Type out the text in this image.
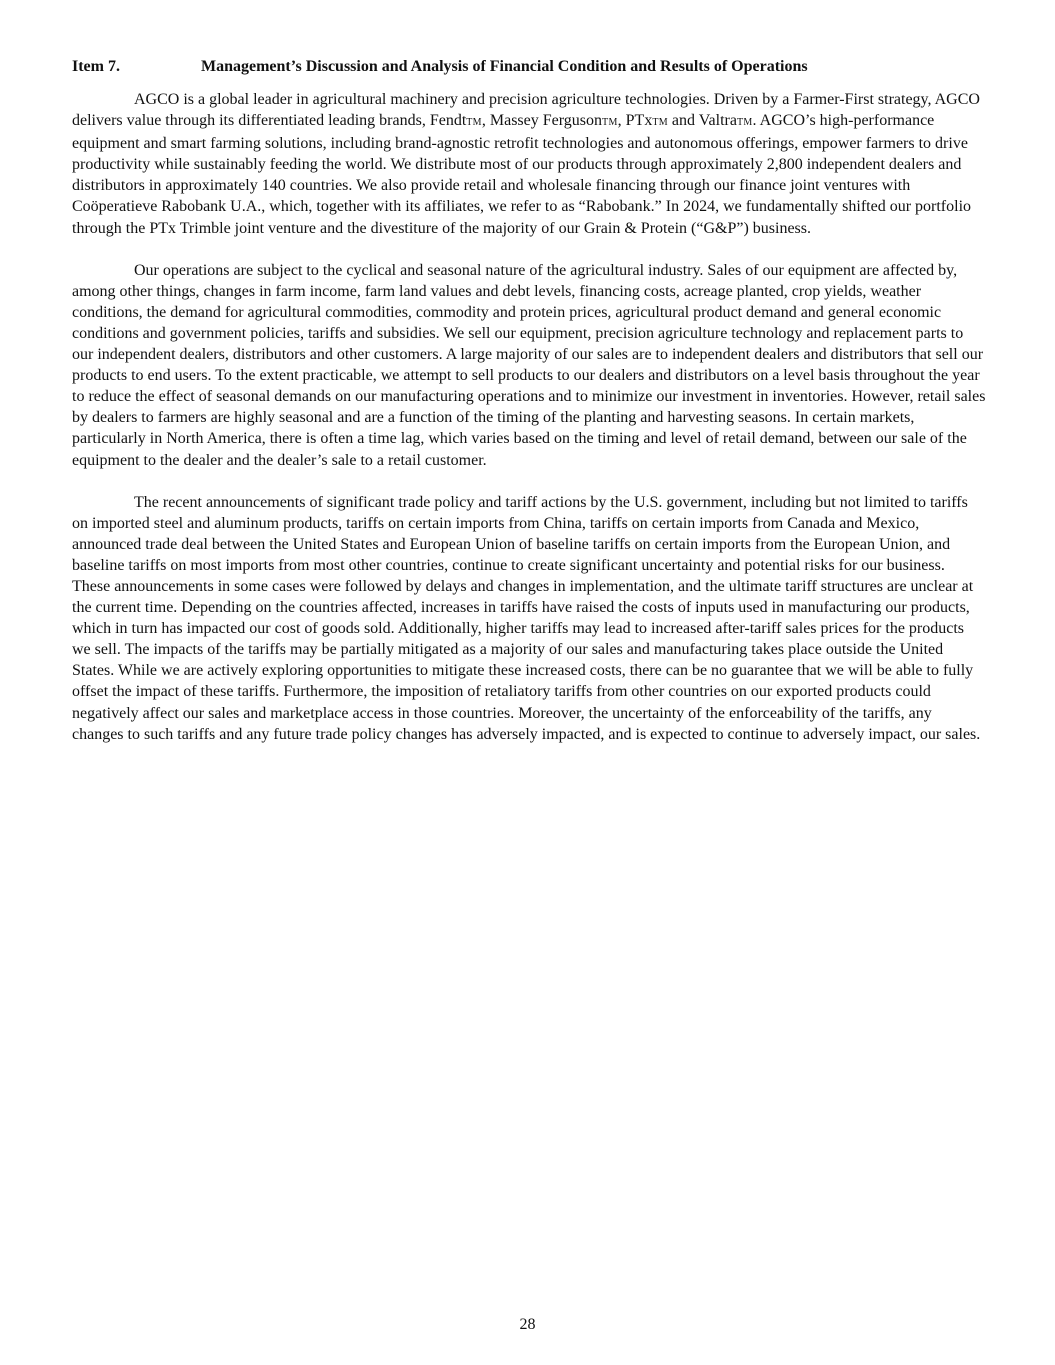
Item 7.	Management’s Discussion and Analysis of Financial Condition and Results of Operations

AGCO is a global leader in agricultural machinery and precision agriculture technologies. Driven by a Farmer-First strategy, AGCO delivers value through its differentiated leading brands, FendtTM, Massey FergusonTM, PTxTM and ValtraTM. AGCO’s high-performance equipment and smart farming solutions, including brand-agnostic retrofit technologies and autonomous offerings, empower farmers to drive productivity while sustainably feeding the world. We distribute most of our products through approximately 2,800 independent dealers and distributors in approximately 140 countries. We also provide retail and wholesale financing through our finance joint ventures with Coöperatieve Rabobank U.A., which, together with its affiliates, we refer to as “Rabobank.” In 2024, we fundamentally shifted our portfolio through the PTx Trimble joint venture and the divestiture of the majority of our Grain & Protein (“G&P”) business.

Our operations are subject to the cyclical and seasonal nature of the agricultural industry. Sales of our equipment are affected by, among other things, changes in farm income, farm land values and debt levels, financing costs, acreage planted, crop yields, weather conditions, the demand for agricultural commodities, commodity and protein prices, agricultural product demand and general economic conditions and government policies, tariffs and subsidies. We sell our equipment, precision agriculture technology and replacement parts to our independent dealers, distributors and other customers. A large majority of our sales are to independent dealers and distributors that sell our products to end users. To the extent practicable, we attempt to sell products to our dealers and distributors on a level basis throughout the year to reduce the effect of seasonal demands on our manufacturing operations and to minimize our investment in inventories. However, retail sales by dealers to farmers are highly seasonal and are a function of the timing of the planting and harvesting seasons. In certain markets, particularly in North America, there is often a time lag, which varies based on the timing and level of retail demand, between our sale of the equipment to the dealer and the dealer’s sale to a retail customer.

The recent announcements of significant trade policy and tariff actions by the U.S. government, including but not limited to tariffs on imported steel and aluminum products, tariffs on certain imports from China, tariffs on certain imports from Canada and Mexico, announced trade deal between the United States and European Union of baseline tariffs on certain imports from the European Union, and baseline tariffs on most imports from most other countries, continue to create significant uncertainty and potential risks for our business. These announcements in some cases were followed by delays and changes in implementation, and the ultimate tariff structures are unclear at the current time. Depending on the countries affected, increases in tariffs have raised the costs of inputs used in manufacturing our products, which in turn has impacted our cost of goods sold. Additionally, higher tariffs may lead to increased after-tariff sales prices for the products we sell. The impacts of the tariffs may be partially mitigated as a majority of our sales and manufacturing takes place outside the United States. While we are actively exploring opportunities to mitigate these increased costs, there can be no guarantee that we will be able to fully offset the impact of these tariffs. Furthermore, the imposition of retaliatory tariffs from other countries on our exported products could negatively affect our sales and marketplace access in those countries. Moreover, the uncertainty of the enforceability of the tariffs, any changes to such tariffs and any future trade policy changes has adversely impacted, and is expected to continue to adversely impact, our sales.

28
